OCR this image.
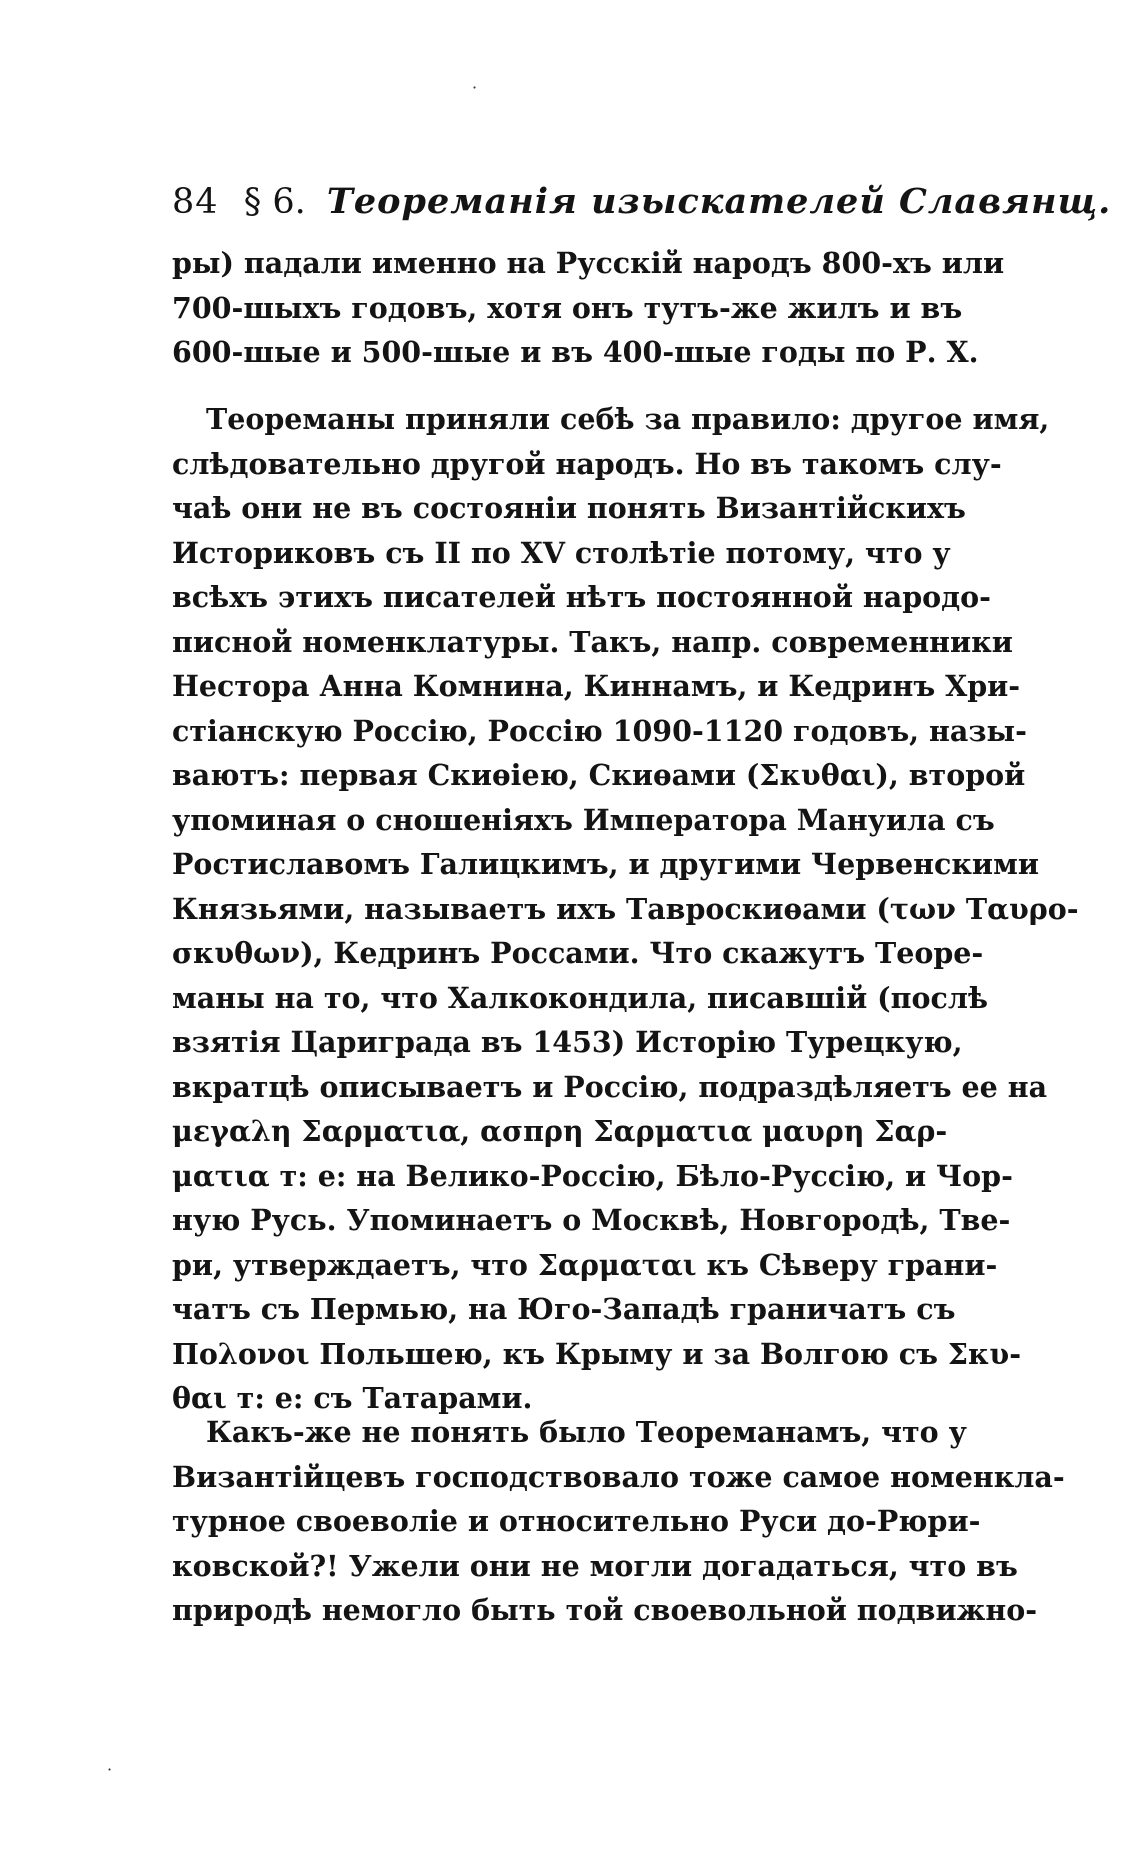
84 § 6. Теореманія изыскателей Славянщ.
ры) падали именно на Русскій народъ 800-хъ или
700-шыхъ годовъ, хотя онъ тутъ-же жилъ и въ
600-шые и 500-шые и въ 400-шые годы по Р. Х.
Теореманы приняли себѣ за правило: другое имя,
слѣдовательно другой народъ. Но въ такомъ слу-
чаѣ они не въ состояніи понять Византійскихъ
Историковъ съ II по XV столѣтіе потому, что у
всѣхъ этихъ писателей нѣтъ постоянной народо-
писной номенклатуры. Такъ, напр. современники
Нестора Анна Комнина, Киннамъ, и Кедринъ Хри-
стіанскую Россію, Россію 1090-1120 годовъ, назы-
ваютъ: первая Скиѳіею, Скиѳами (Σκυθαι), второй
упоминая о сношеніяхъ Императора Мануила съ
Ростиславомъ Галицкимъ, и другими Червенскими
Князьями, называетъ ихъ Тавроскиѳами (των Ταυρο-
σκυθων), Кедринъ Россами. Что скажутъ Теоре-
маны на то, что Халкокондила, писавшій (послѣ
взятія Цариграда въ 1453) Исторію Турецкую,
вкратцѣ описываетъ и Россію, подраздѣляетъ ее на
μεγαλη Σαρματια, ασπρη Σαρματια μαυρη Σαρ-
ματια т: е: на Велико-Россію, Бѣло-Руссію, и Чор-
ную Русь. Упоминаетъ о Москвѣ, Новгородѣ, Тве-
ри, утверждаетъ, что Σαρμαται къ Сѣверу грани-
чатъ съ Пермью, на Юго-Западѣ граничатъ съ
Πολονοι Польшею, къ Крыму и за Волгою съ Σκυ-
θαι т: е: съ Татарами.
Какъ-же не понять было Теореманамъ, что у
Византійцевъ господствовало тоже самое номенкла-
турное своеволіе и относительно Руси до-Рюри-
ковской?! Ужели они не могли догадаться, что въ
природѣ немогло быть той своевольной подвижно-
·
·
